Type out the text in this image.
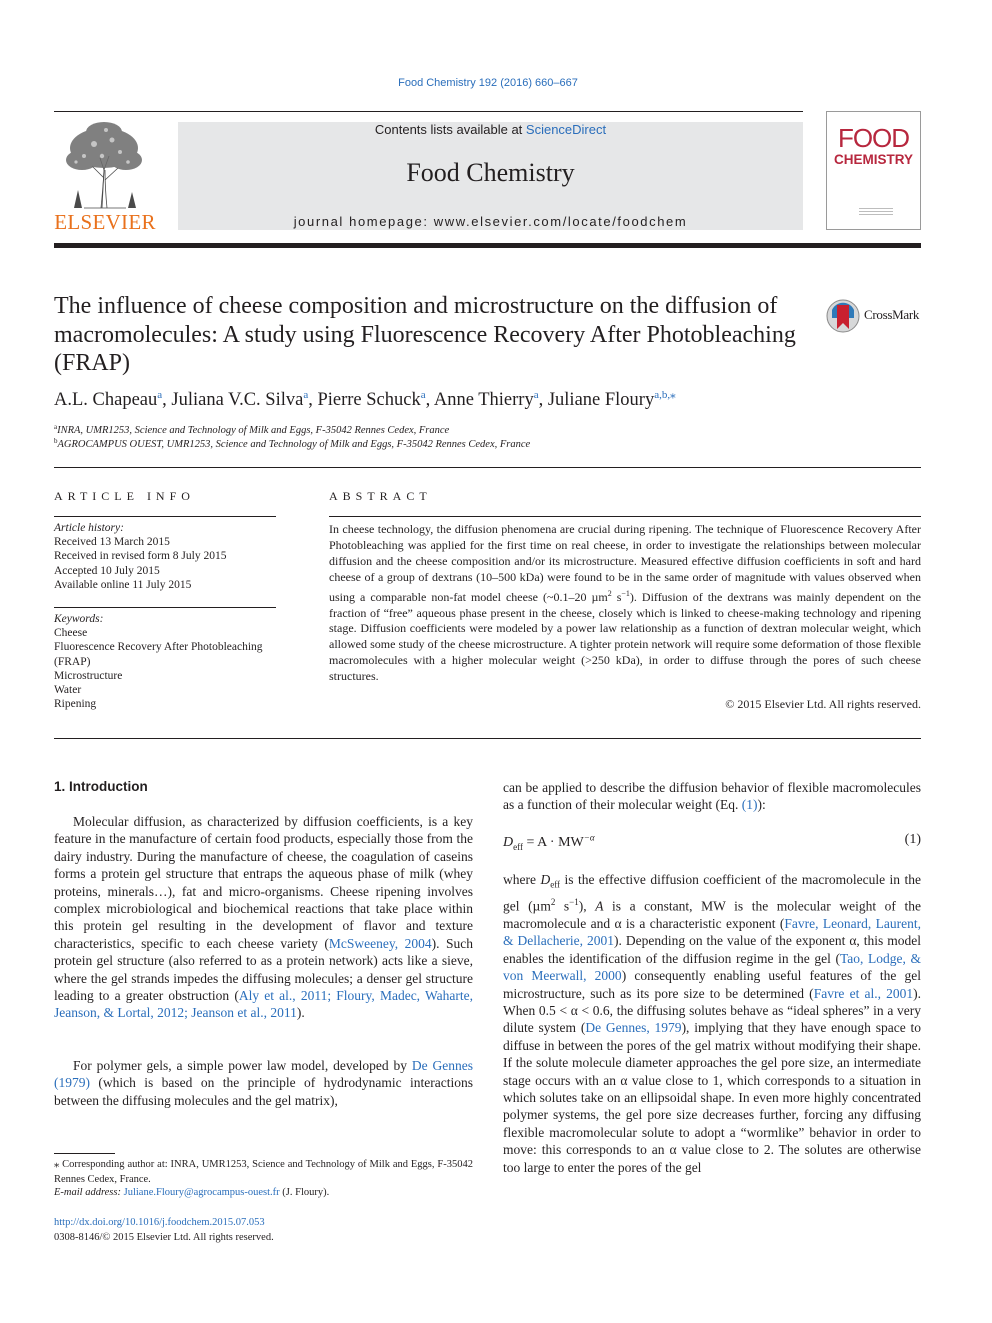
Food Chemistry 192 (2016) 660–667
ELSEVIER
Contents lists available at ScienceDirect
Food Chemistry
journal homepage: www.elsevier.com/locate/foodchem
FOOD
CHEMISTRY
The influence of cheese composition and microstructure on the diffusion of macromolecules: A study using Fluorescence Recovery After Photobleaching (FRAP)
CrossMark
A.L. Chapeau$^a$, Juliana V.C. Silva$^a$, Pierre Schuck$^a$, Anne Thierry$^a$, Juliane Floury$^{a,b,⁎}$
$^a$INRA, UMR1253, Science and Technology of Milk and Eggs, F-35042 Rennes Cedex, France
$^b$AGROCAMPUS OUEST, UMR1253, Science and Technology of Milk and Eggs, F-35042 Rennes Cedex, France
ARTICLE INFO
Article history:
Received 13 March 2015
Received in revised form 8 July 2015
Accepted 10 July 2015
Available online 11 July 2015
Keywords:
Cheese
Fluorescence Recovery After Photobleaching
(FRAP)
Microstructure
Water
Ripening
ABSTRACT
In cheese technology, the diffusion phenomena are crucial during ripening. The technique of Fluorescence Recovery After Photobleaching was applied for the first time on real cheese, in order to investigate the relationships between molecular diffusion and the cheese composition and/or its microstructure. Measured effective diffusion coefficients in soft and hard cheese of a group of dextrans (10–500 kDa) were found to be in the same order of magnitude with values observed when using a comparable non-fat model cheese (~0.1–20 µm$^2$ $s^{-1}$). Diffusion of the dextrans was mainly dependent on the fraction of “free” aqueous phase present in the cheese, closely which is linked to cheese-making technology and ripening stage. Diffusion coefficients were modeled by a power law relationship as a function of dextran molecular weight, which allowed some study of the cheese microstructure. A tighter protein network will require some deformation of those flexible macromolecules with a higher molecular weight (>250 kDa), in order to diffuse through the pores of such cheese structures.
© 2015 Elsevier Ltd. All rights reserved.
1. Introduction
Molecular diffusion, as characterized by diffusion coefficients, is a key feature in the manufacture of certain food products, especially those from the dairy industry. During the manufacture of cheese, the coagulation of caseins forms a protein gel structure that entraps the aqueous phase of milk (whey proteins, minerals…), fat and micro-organisms. Cheese ripening involves complex microbiological and biochemical reactions that take place within this protein gel resulting in the development of flavor and texture characteristics, specific to each cheese variety (McSweeney, 2004). Such protein gel structure (also referred to as a protein network) acts like a sieve, where the gel strands impedes the diffusing molecules; a denser gel structure leading to a greater obstruction (Aly et al., 2011; Floury, Madec, Waharte, Jeanson, & Lortal, 2012; Jeanson et al., 2011).
For polymer gels, a simple power law model, developed by De Gennes (1979) (which is based on the principle of hydrodynamic interactions between the diffusing molecules and the gel matrix),
can be applied to describe the diffusion behavior of flexible macromolecules as a function of their molecular weight (Eq. (1)):
$D_{eff} = A \cdot MW^{-\alpha}$	(1)
where $D_{eff}$ is the effective diffusion coefficient of the macromolecule in the gel (µm$^2$ $s^{-1}$), A is a constant, MW is the molecular weight of the macromolecule and α is a characteristic exponent (Favre, Leonard, Laurent, & Dellacherie, 2001). Depending on the value of the exponent α, this model enables the identification of the diffusion regime in the gel (Tao, Lodge, & von Meerwall, 2000) consequently enabling useful features of the gel microstructure, such as its pore size to be determined (Favre et al., 2001). When 0.5 < α < 0.6, the diffusing solutes behave as “ideal spheres” in a very dilute system (De Gennes, 1979), implying that they have enough space to diffuse in between the pores of the gel matrix without modifying their shape. If the solute molecule diameter approaches the gel pore size, an intermediate stage occurs with an α value close to 1, which corresponds to a situation in which solutes take on an ellipsoidal shape. In even more highly concentrated polymer systems, the gel pore size decreases further, forcing any diffusing flexible macromolecular solute to adopt a “wormlike” behavior in order to move: this corresponds to an α value close to 2. The solutes are otherwise too large to enter the pores of the gel
⁎ Corresponding author at: INRA, UMR1253, Science and Technology of Milk and Eggs, F-35042 Rennes Cedex, France.
E-mail address: Juliane.Floury@agrocampus-ouest.fr (J. Floury).
http://dx.doi.org/10.1016/j.foodchem.2015.07.053
0308-8146/© 2015 Elsevier Ltd. All rights reserved.
